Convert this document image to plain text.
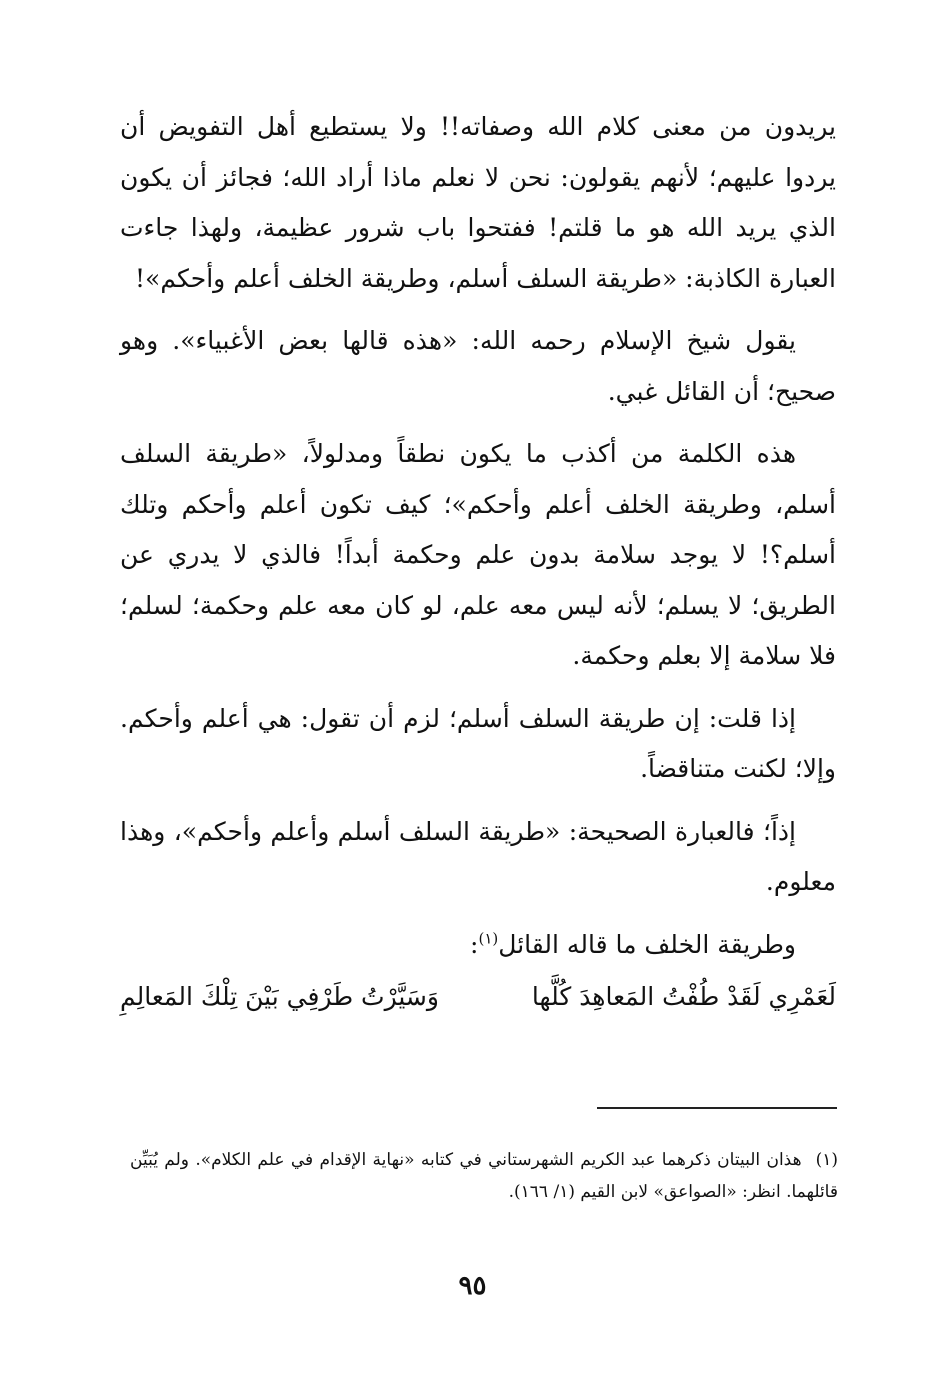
يريدون من معنى كلام الله وصفاته!! ولا يستطيع أهل التفويض أن يردوا عليهم؛ لأنهم يقولون: نحن لا نعلم ماذا أراد الله؛ فجائز أن يكون الذي يريد الله هو ما قلتم! ففتحوا باب شرور عظيمة، ولهذا جاءت العبارة الكاذبة: «طريقة السلف أسلم، وطريقة الخلف أعلم وأحكم»!

يقول شيخ الإسلام رحمه الله: «هذه قالها بعض الأغبياء». وهو صحيح؛ أن القائل غبي.

هذه الكلمة من أكذب ما يكون نطقاً ومدلولاً، «طريقة السلف أسلم، وطريقة الخلف أعلم وأحكم»؛ كيف تكون أعلم وأحكم وتلك أسلم؟! لا يوجد سلامة بدون علم وحكمة أبداً! فالذي لا يدري عن الطريق؛ لا يسلم؛ لأنه ليس معه علم، لو كان معه علم وحكمة؛ لسلم؛ فلا سلامة إلا بعلم وحكمة.

إذا قلت: إن طريقة السلف أسلم؛ لزم أن تقول: هي أعلم وأحكم. وإلا؛ لكنت متناقضاً.

إذاً؛ فالعبارة الصحيحة: «طريقة السلف أسلم وأعلم وأحكم»، وهذا معلوم.

وطريقة الخلف ما قاله القائل$^{(١)}$:

لَعَمْرِي لَقَدْ طُفْتُ المَعاهِدَ كُلَّها
وَسَيَّرْتُ طَرْفِي بَيْنَ تِلْكَ المَعالِمِ

(١)هذان البيتان ذكرهما عبد الكريم الشهرستاني في كتابه «نهاية الإقدام في علم الكلام». ولم يُبَيِّن قائلهما. انظر: «الصواعق» لابن القيم (١/ ١٦٦).

٩٥
